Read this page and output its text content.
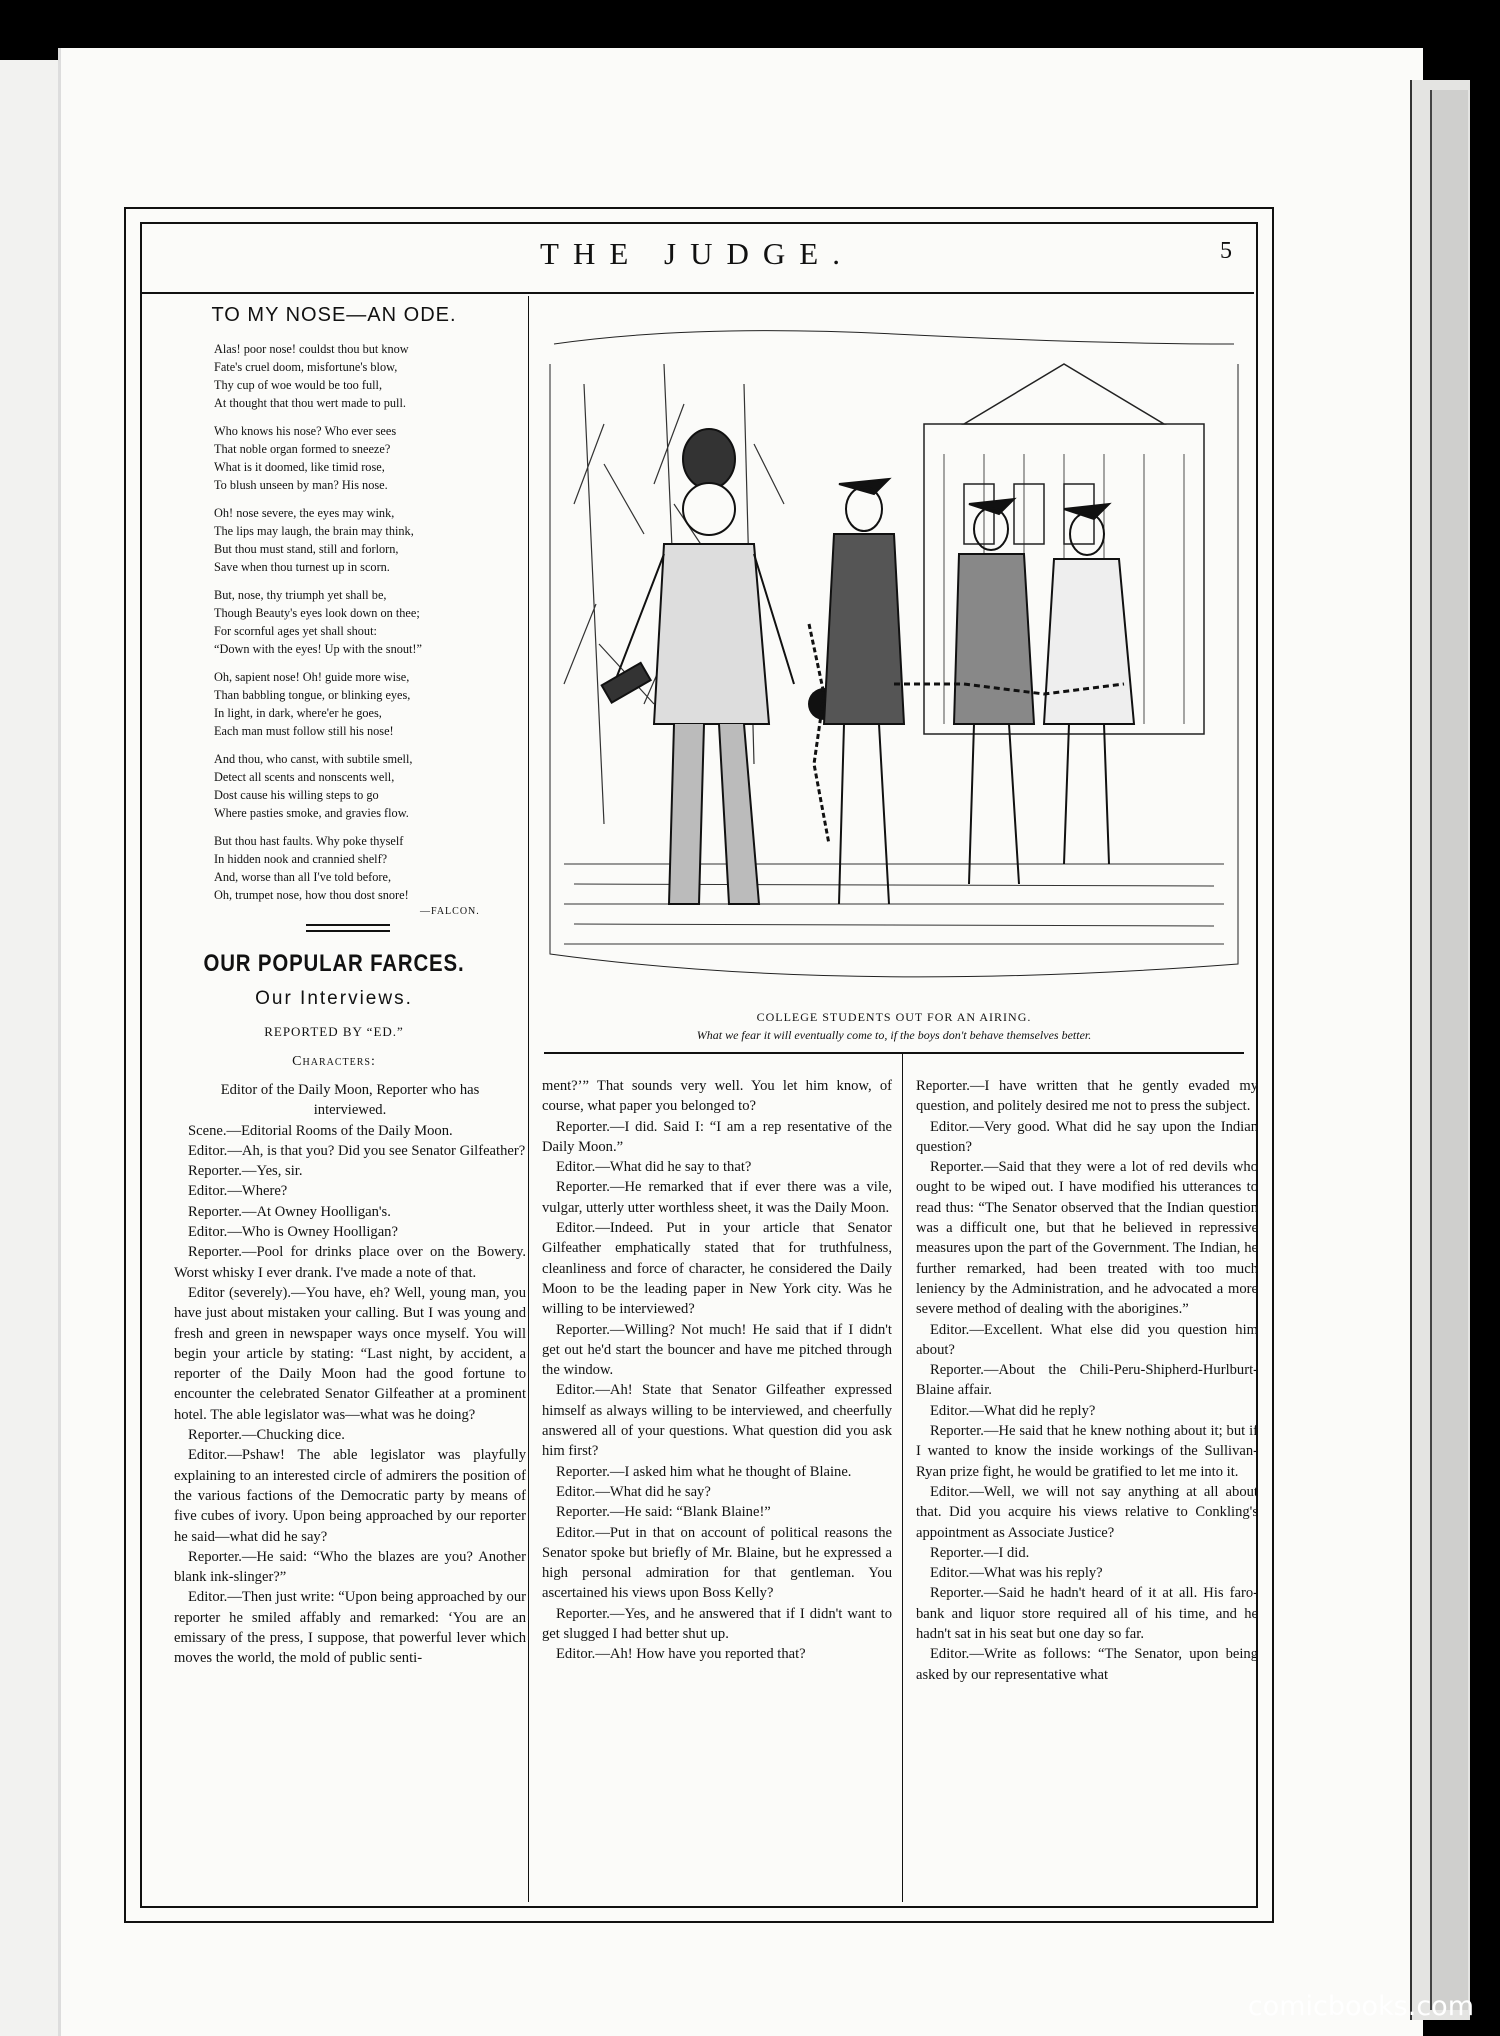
THE JUDGE.	5
TO MY NOSE—AN ODE.
Alas! poor nose! couldst thou but know
Fate's cruel doom, misfortune's blow,
Thy cup of woe would be too full,
At thought that thou wert made to pull.
Who knows his nose? Who ever sees
That noble organ formed to sneeze?
What is it doomed, like timid rose,
To blush unseen by man? His nose.
Oh! nose severe, the eyes may wink,
The lips may laugh, the brain may think,
But thou must stand, still and forlorn,
Save when thou turnest up in scorn.
But, nose, thy triumph yet shall be,
Though Beauty's eyes look down on thee;
For scornful ages yet shall shout:
“Down with the eyes! Up with the snout!”
Oh, sapient nose! Oh! guide more wise,
Than babbling tongue, or blinking eyes,
In light, in dark, where'er he goes,
Each man must follow still his nose!
And thou, who canst, with subtile smell,
Detect all scents and nonscents well,
Dost cause his willing steps to go
Where pasties smoke, and gravies flow.
But thou hast faults. Why poke thyself
In hidden nook and crannied shelf?
And, worse than all I've told before,
Oh, trumpet nose, how thou dost snore!
—FALCON.
OUR POPULAR FARCES.
Our Interviews.
REPORTED BY “ED.”
Characters:

Editor of the Daily Moon, Reporter who has interviewed.

Scene.—Editorial Rooms of the Daily Moon.

Editor.—Ah, is that you? Did you see Senator Gilfeather?

Reporter.—Yes, sir.

Editor.—Where?

Reporter.—At Owney Hoolligan's.

Editor.—Who is Owney Hoolligan?

Reporter.—Pool for drinks place over on the Bowery. Worst whisky I ever drank. I've made a note of that.

Editor (severely).—You have, eh? Well, young man, you have just about mistaken your calling. But I was young and fresh and green in newspaper ways once myself. You will begin your article by stating: “Last night, by accident, a reporter of the Daily Moon had the good fortune to encounter the celebrated Senator Gilfeather at a prominent hotel. The able legislator was—what was he doing?

Reporter.—Chucking dice.

Editor.—Pshaw! The able legislator was playfully explaining to an interested circle of admirers the position of the various factions of the Democratic party by means of five cubes of ivory. Upon being approached by our reporter he said—what did he say?

Reporter.—He said: “Who the blazes are you? Another blank ink-slinger?”

Editor.—Then just write: “Upon being approached by our reporter he smiled affably and remarked: ‘You are an emissary of the press, I suppose, that powerful lever which moves the world, the mold of public senti-

ment?’” That sounds very well. You let him know, of course, what paper you belonged to?

Reporter.—I did. Said I: “I am a rep resentative of the Daily Moon.”

Editor.—What did he say to that?

Reporter.—He remarked that if ever there was a vile, vulgar, utterly utter worthless sheet, it was the Daily Moon.

Editor.—Indeed. Put in your article that Senator Gilfeather emphatically stated that for truthfulness, cleanliness and force of character, he considered the Daily Moon to be the leading paper in New York city. Was he willing to be interviewed?

Reporter.—Willing? Not much! He said that if I didn't get out he'd start the bouncer and have me pitched through the window.

Editor.—Ah! State that Senator Gilfeather expressed himself as always willing to be interviewed, and cheerfully answered all of your questions. What question did you ask him first?

Reporter.—I asked him what he thought of Blaine.

Editor.—What did he say?

Reporter.—He said: “Blank Blaine!”

Editor.—Put in that on account of political reasons the Senator spoke but briefly of Mr. Blaine, but he expressed a high personal admiration for that gentleman. You ascertained his views upon Boss Kelly?

Reporter.—Yes, and he answered that if I didn't want to get slugged I had better shut up.

Editor.—Ah! How have you reported that?

Reporter.—I have written that he gently evaded my question, and politely desired me not to press the subject.

Editor.—Very good. What did he say upon the Indian question?

Reporter.—Said that they were a lot of red devils who ought to be wiped out. I have modified his utterances to read thus: “The Senator observed that the Indian question was a difficult one, but that he believed in repressive measures upon the part of the Government. The Indian, he further remarked, had been treated with too much leniency by the Administration, and he advocated a more severe method of dealing with the aborigines.”

Editor.—Excellent. What else did you question him about?

Reporter.—About the Chili-Peru-Shipherd-Hurlburt-Blaine affair.

Editor.—What did he reply?

Reporter.—He said that he knew nothing about it; but if I wanted to know the inside workings of the Sullivan-Ryan prize fight, he would be gratified to let me into it.

Editor.—Well, we will not say anything at all about that. Did you acquire his views relative to Conkling's appointment as Associate Justice?

Reporter.—I did.

Editor.—What was his reply?

Reporter.—Said he hadn't heard of it at all. His faro-bank and liquor store required all of his time, and he hadn't sat in his seat but one day so far.

Editor.—Write as follows: “The Senator, upon being asked by our representative what

COLLEGE STUDENTS OUT FOR AN AIRING.
What we fear it will eventually come to, if the boys don't behave themselves better.
comicbooks.com
